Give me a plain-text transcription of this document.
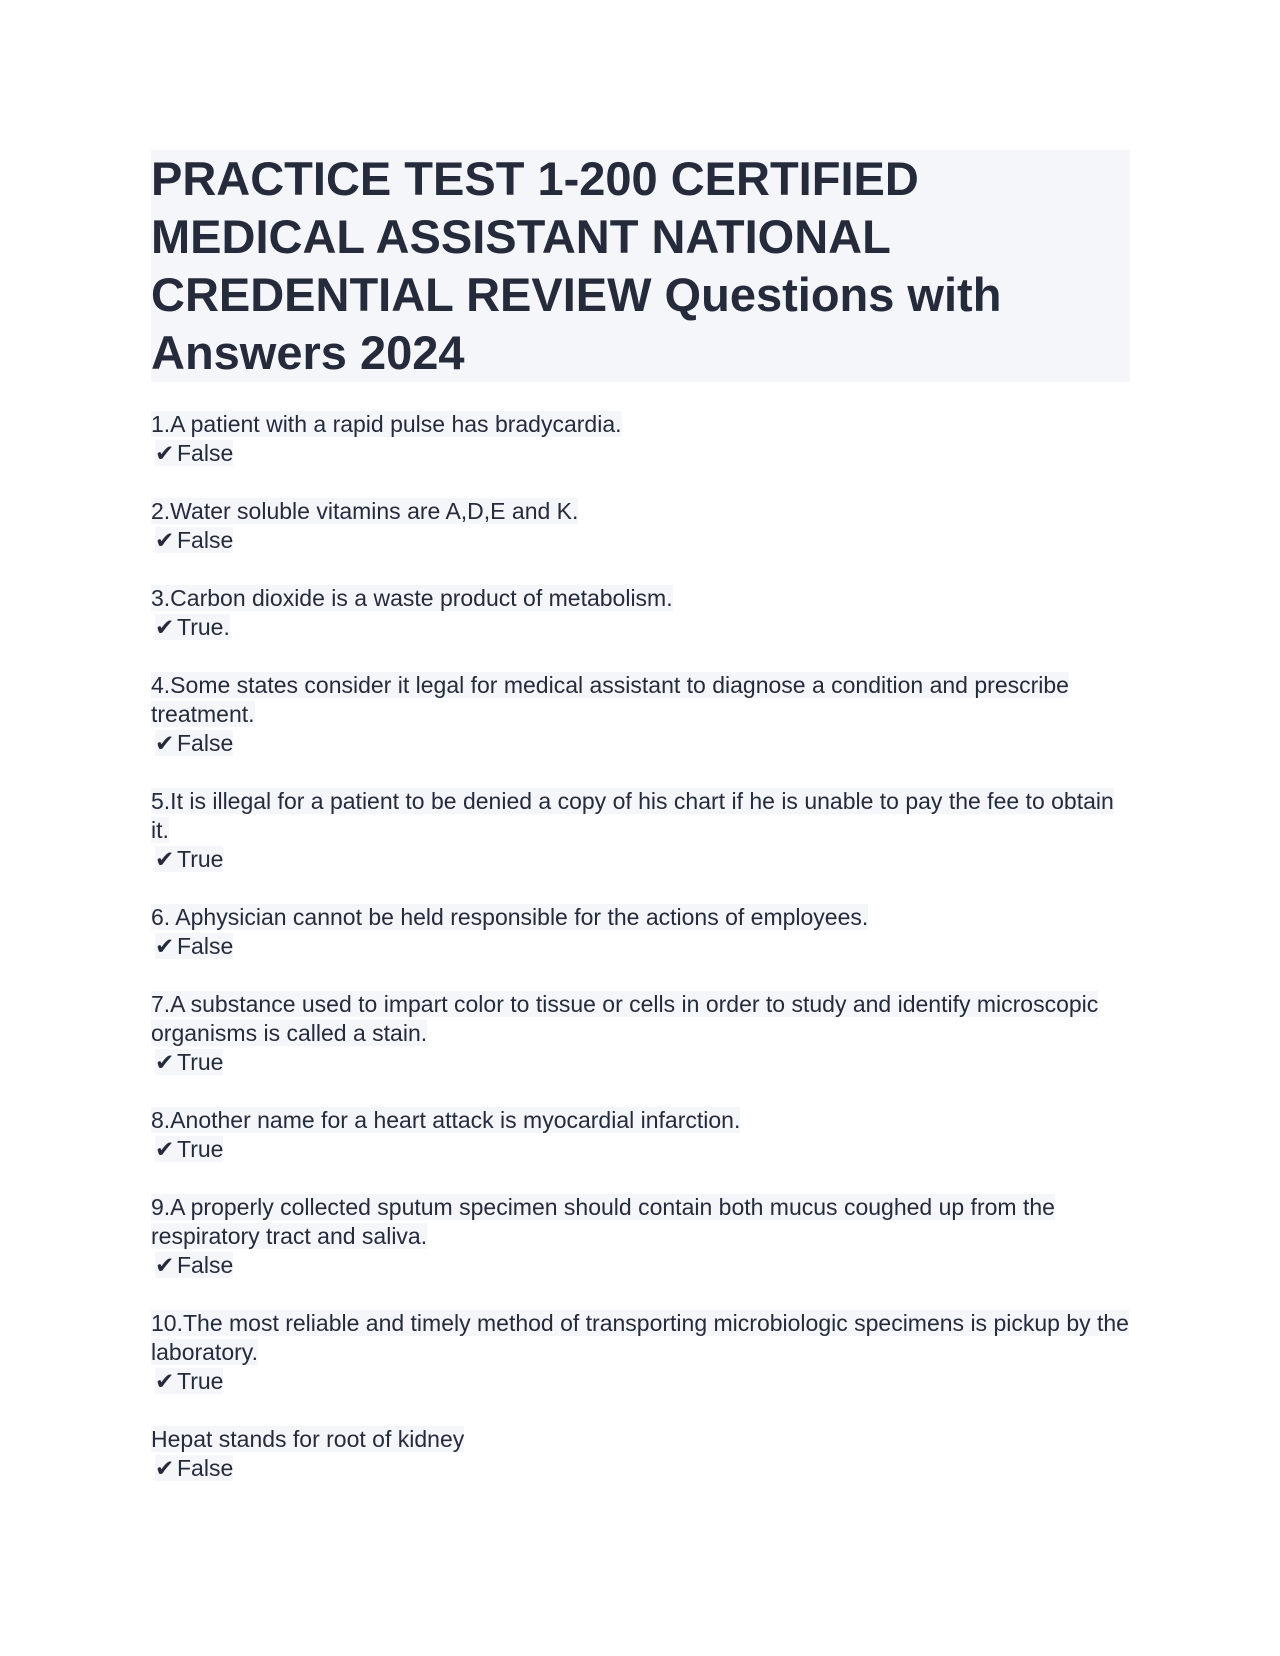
PRACTICE TEST 1-200 CERTIFIED MEDICAL ASSISTANT NATIONAL CREDENTIAL REVIEW Questions with Answers 2024
1.A patient with a rapid pulse has bradycardia.
✔ False
2.Water soluble vitamins are A,D,E and K.
✔ False
3.Carbon dioxide is a waste product of metabolism.
✔ True.
4.Some states consider it legal for medical assistant to diagnose a condition and prescribe treatment.
✔ False
5.It is illegal for a patient to be denied a copy of his chart if he is unable to pay the fee to obtain it.
✔ True
6. Aphysician cannot be held responsible for the actions of employees.
✔ False
7.A substance used to impart color to tissue or cells in order to study and identify microscopic organisms is called a stain.
✔ True
8.Another name for a heart attack is myocardial infarction.
✔ True
9.A properly collected sputum specimen should contain both mucus coughed up from the respiratory tract and saliva.
✔ False
10.The most reliable and timely method of transporting microbiologic specimens is pickup by the laboratory.
✔ True
Hepat stands for root of kidney
✔ False
